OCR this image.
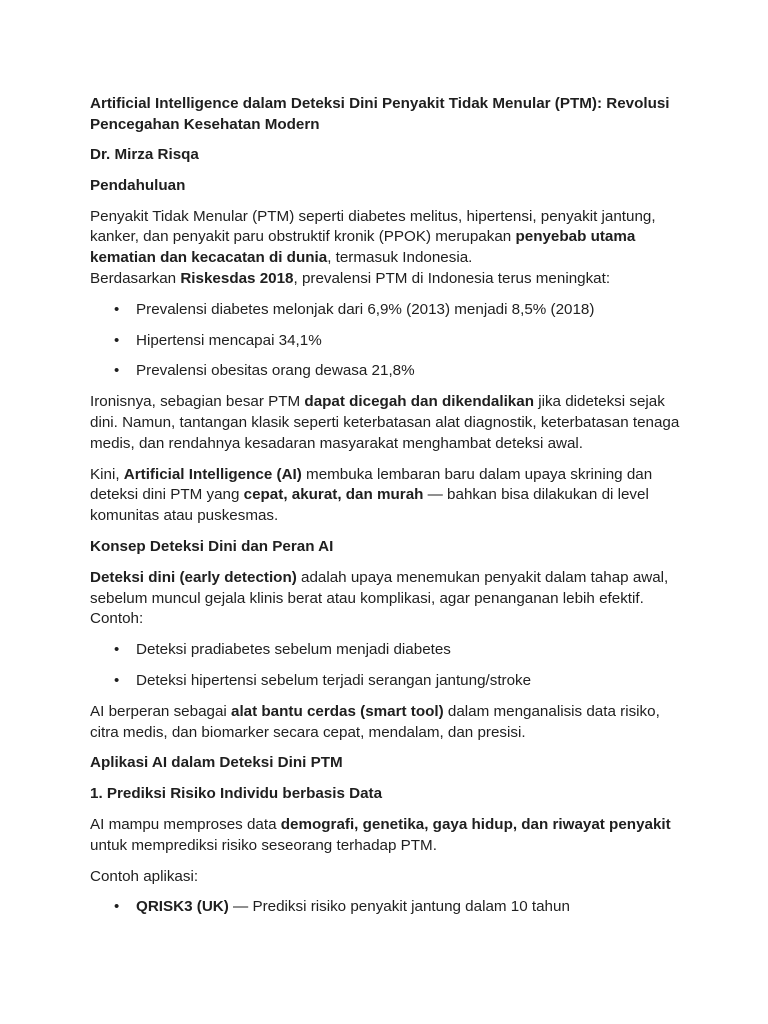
Artificial Intelligence dalam Deteksi Dini Penyakit Tidak Menular (PTM): Revolusi Pencegahan Kesehatan Modern

Dr. Mirza Risqa

Pendahuluan

Penyakit Tidak Menular (PTM) seperti diabetes melitus, hipertensi, penyakit jantung, kanker, dan penyakit paru obstruktif kronik (PPOK) merupakan penyebab utama kematian dan kecacatan di dunia, termasuk Indonesia.
Berdasarkan Riskesdas 2018, prevalensi PTM di Indonesia terus meningkat:

• Prevalensi diabetes melonjak dari 6,9% (2013) menjadi 8,5% (2018)
• Hipertensi mencapai 34,1%
• Prevalensi obesitas orang dewasa 21,8%

Ironisnya, sebagian besar PTM dapat dicegah dan dikendalikan jika dideteksi sejak dini. Namun, tantangan klasik seperti keterbatasan alat diagnostik, keterbatasan tenaga medis, dan rendahnya kesadaran masyarakat menghambat deteksi awal.

Kini, Artificial Intelligence (AI) membuka lembaran baru dalam upaya skrining dan deteksi dini PTM yang cepat, akurat, dan murah — bahkan bisa dilakukan di level komunitas atau puskesmas.

Konsep Deteksi Dini dan Peran AI

Deteksi dini (early detection) adalah upaya menemukan penyakit dalam tahap awal, sebelum muncul gejala klinis berat atau komplikasi, agar penanganan lebih efektif.
Contoh:

• Deteksi pradiabetes sebelum menjadi diabetes
• Deteksi hipertensi sebelum terjadi serangan jantung/stroke

AI berperan sebagai alat bantu cerdas (smart tool) dalam menganalisis data risiko, citra medis, dan biomarker secara cepat, mendalam, dan presisi.

Aplikasi AI dalam Deteksi Dini PTM

1. Prediksi Risiko Individu berbasis Data

AI mampu memproses data demografi, genetika, gaya hidup, dan riwayat penyakit untuk memprediksi risiko seseorang terhadap PTM.

Contoh aplikasi:

• QRISK3 (UK) — Prediksi risiko penyakit jantung dalam 10 tahun
